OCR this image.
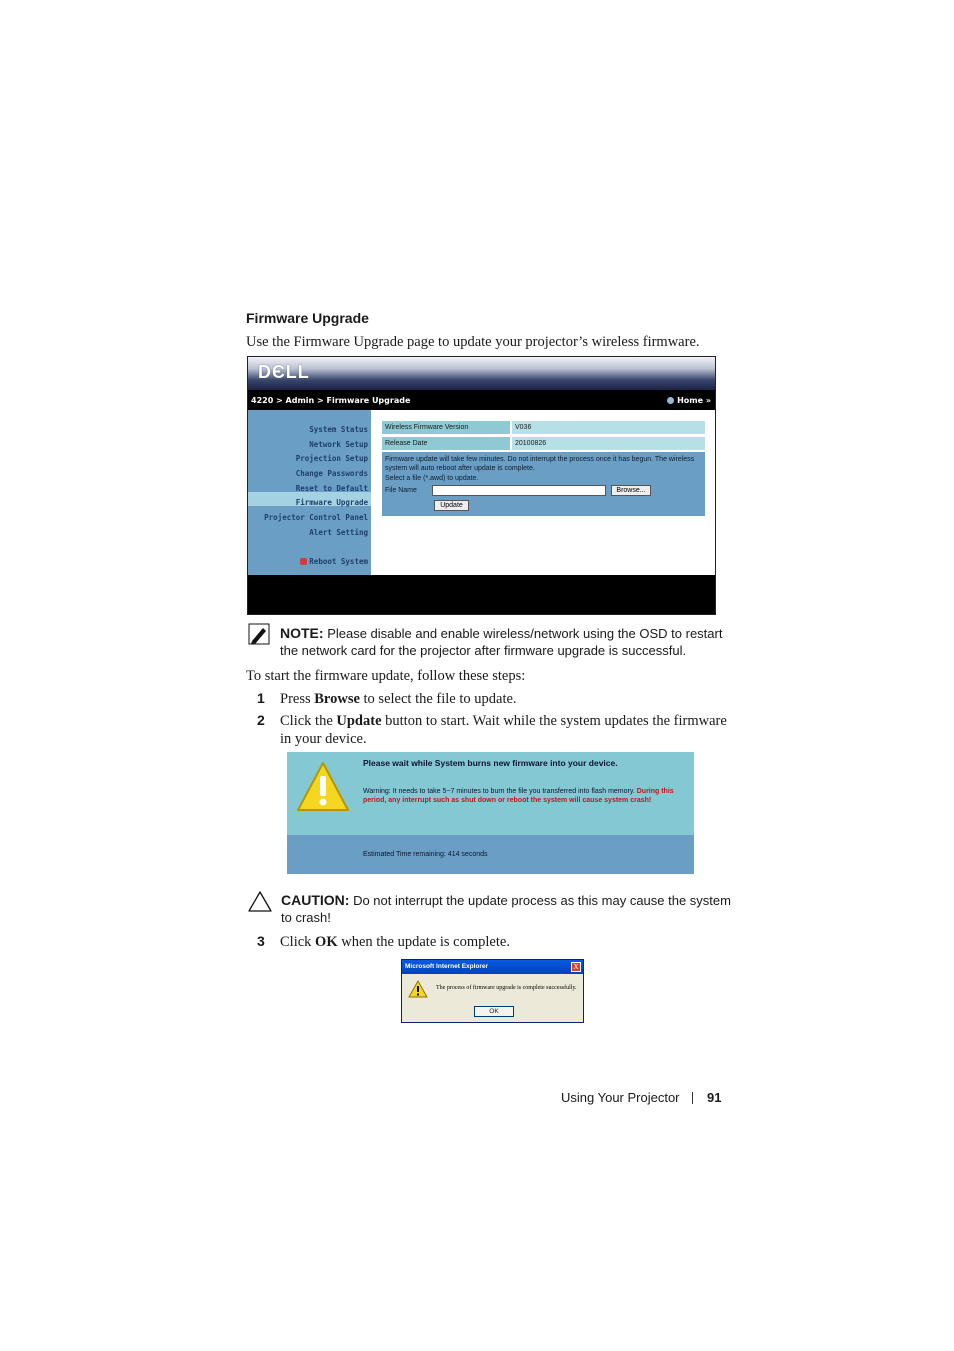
Firmware Upgrade
Use the Firmware Upgrade page to update your projector’s wireless firmware.
DЄLL
4220 > Admin > Firmware Upgrade	Home »
System Status
Network Setup
Projection Setup
Change Passwords
Reset to Default
Firmware Upgrade
Projector Control Panel
Alert Setting
Reboot System
Wireless Firmware Version	V036
Release Date	20100826
Firmware update will take few minutes. Do not interrupt the process once it has begun. The wireless system will auto reboot after update is complete.
Select a file (*.awd) to update.
File Name	Browse...
Update
NOTE: Please disable and enable wireless/network using the OSD to restart the network card for the projector after firmware upgrade is successful.
To start the firmware update, follow these steps:
1 Press Browse to select the file to update.
2 Click the Update button to start. Wait while the system updates the firmware in your device.
Please wait while System burns new firmware into your device.
Warning: It needs to take 5~7 minutes to burn the file you transferred into flash memory. During this period, any interrupt such as shut down or reboot the system will cause system crash!
Estimated Time remaining: 414 seconds
CAUTION: Do not interrupt the update process as this may cause the system to crash!
3 Click OK when the update is complete.
Microsoft Internet Explorer	X
The process of firmware upgrade is complete successfully.
OK
Using Your Projector 91
